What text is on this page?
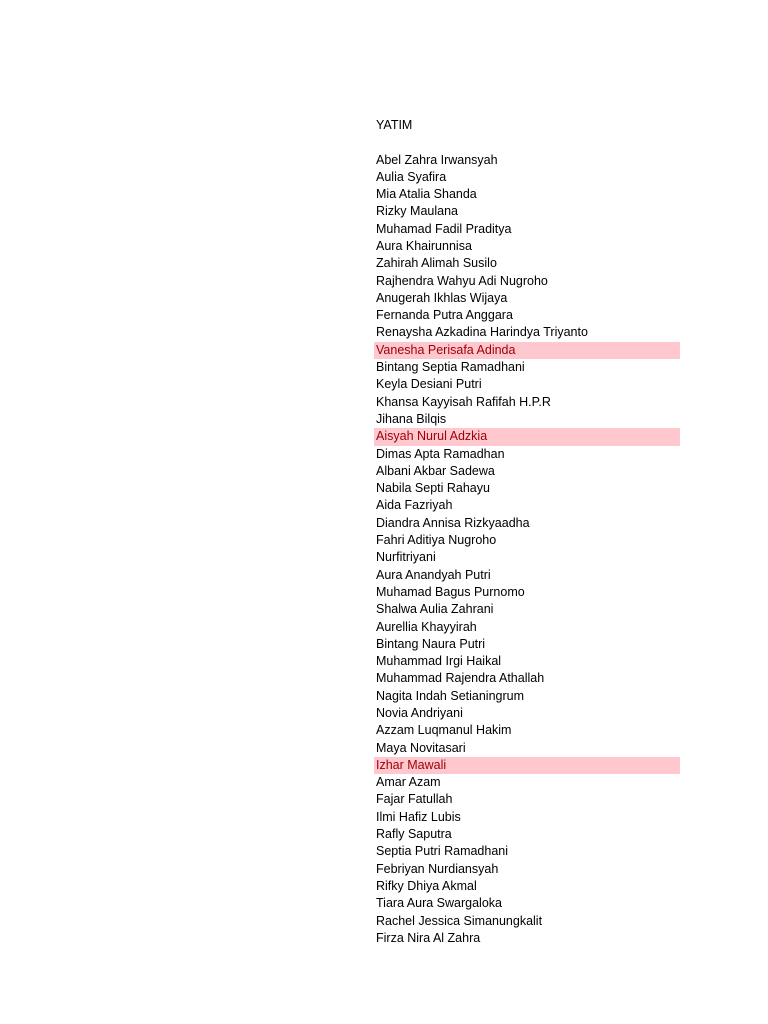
YATIM
Abel Zahra Irwansyah
Aulia Syafira
Mia Atalia Shanda
Rizky Maulana
Muhamad Fadil Praditya
Aura Khairunnisa
Zahirah Alimah Susilo
Rajhendra Wahyu Adi Nugroho
Anugerah Ikhlas Wijaya
Fernanda Putra Anggara
Renaysha Azkadina Harindya Triyanto
Vanesha Perisafa Adinda
Bintang Septia Ramadhani
Keyla Desiani Putri
Khansa Kayyisah Rafifah H.P.R
Jihana Bilqis
Aisyah Nurul Adzkia
Dimas Apta Ramadhan
Albani Akbar Sadewa
Nabila Septi Rahayu
Aida Fazriyah
Diandra Annisa Rizkyaadha
Fahri Aditiya Nugroho
Nurfitriyani
Aura Anandyah Putri
Muhamad Bagus Purnomo
Shalwa Aulia Zahrani
Aurellia Khayyirah
Bintang Naura Putri
Muhammad Irgi Haikal
Muhammad Rajendra Athallah
Nagita Indah Setianingrum
Novia Andriyani
Azzam Luqmanul Hakim
Maya Novitasari
Izhar Mawali
Amar Azam
Fajar Fatullah
Ilmi Hafiz Lubis
Rafly Saputra
Septia Putri Ramadhani
Febriyan Nurdiansyah
Rifky Dhiya Akmal
Tiara Aura Swargaloka
Rachel Jessica Simanungkalit
Firza Nira Al Zahra
